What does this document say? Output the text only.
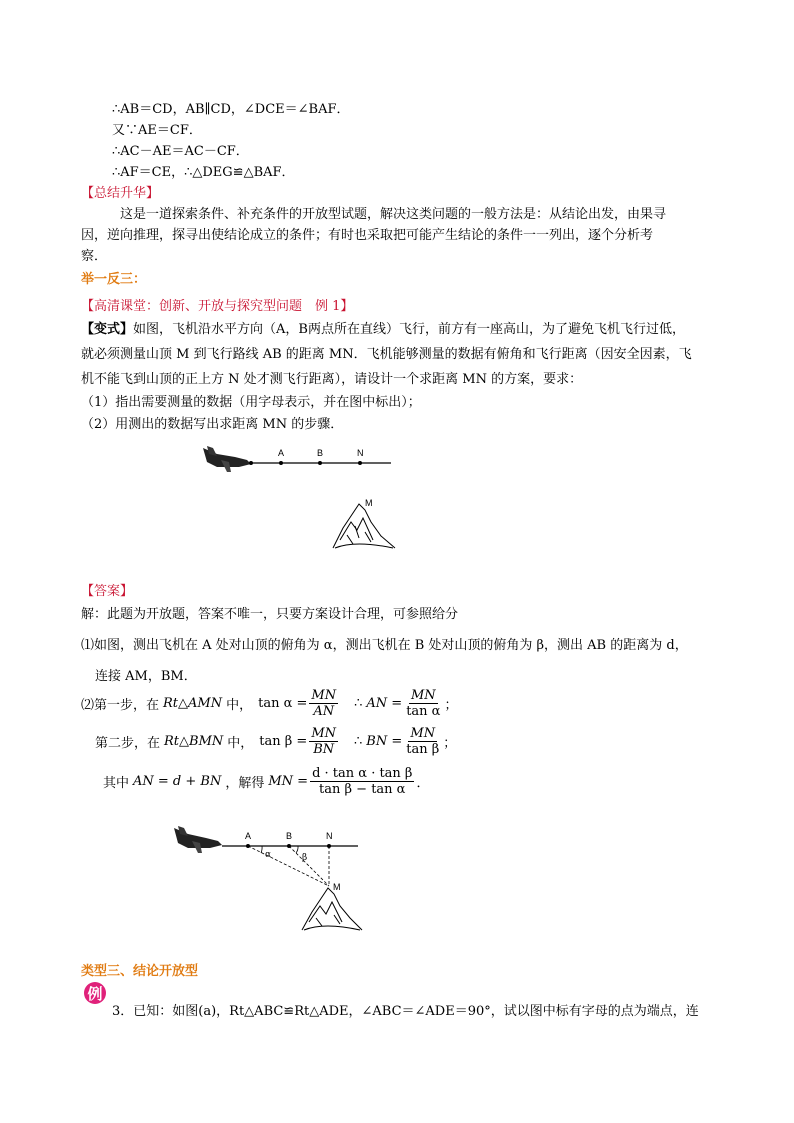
∴AB＝CD，AB∥CD，∠DCE＝∠BAF．
又∵AE＝CF．
∴AC－AE＝AC－CF．
∴AF＝CE，∴△DEG≌△BAF．
【总结升华】
这是一道探索条件、补充条件的开放型试题，解决这类问题的一般方法是：从结论出发，由果寻
因，逆向推理，探寻出使结论成立的条件；有时也采取把可能产生结论的条件一一列出，逐个分析考
察．
举一反三：
【高清课堂：创新、开放与探究型问题　例 1】
【变式】如图，飞机沿水平方向（A，B两点所在直线）飞行，前方有一座高山，为了避免飞机飞行过低，
就必须测量山顶 M 到飞行路线 AB 的距离 MN．飞机能够测量的数据有俯角和飞行距离（因安全因素，飞
机不能飞到山顶的正上方 N 处才测飞行距离），请设计一个求距离 MN 的方案，要求：
（1）指出需要测量的数据（用字母表示，并在图中标出）；
（2）用测出的数据写出求距离 MN 的步骤．
A	B	N
M
【答案】
解：此题为开放题，答案不唯一，只要方案设计合理，可参照给分
⑴如图，测出飞机在 A 处对山顶的俯角为 α，测出飞机在 B 处对山顶的俯角为 β，测出 AB 的距离为 d，
连接 AM，BM．
⑵第一步，在 Rt△AMN 中， $\tan \alpha = \frac{MN}{AN}$ ∴ AN = $\frac{MN}{\text{tan α}}$ ；
第二步，在 Rt△BMN 中， $\tan \beta = \frac{MN}{BN}$ ∴ BN = $\frac{MN}{\text{tan β}}$ ；
其中 AN = d + BN ，解得 MN = $\frac{\text{d · tan α · tan β}}{\text{tan β − tan α}}$ ．
A	B	N
α	β
M
类型三、结论开放型
例
3．已知：如图(a)，Rt△ABC≌Rt△ADE，∠ABC＝∠ADE＝90°，试以图中标有字母的点为端点，连
